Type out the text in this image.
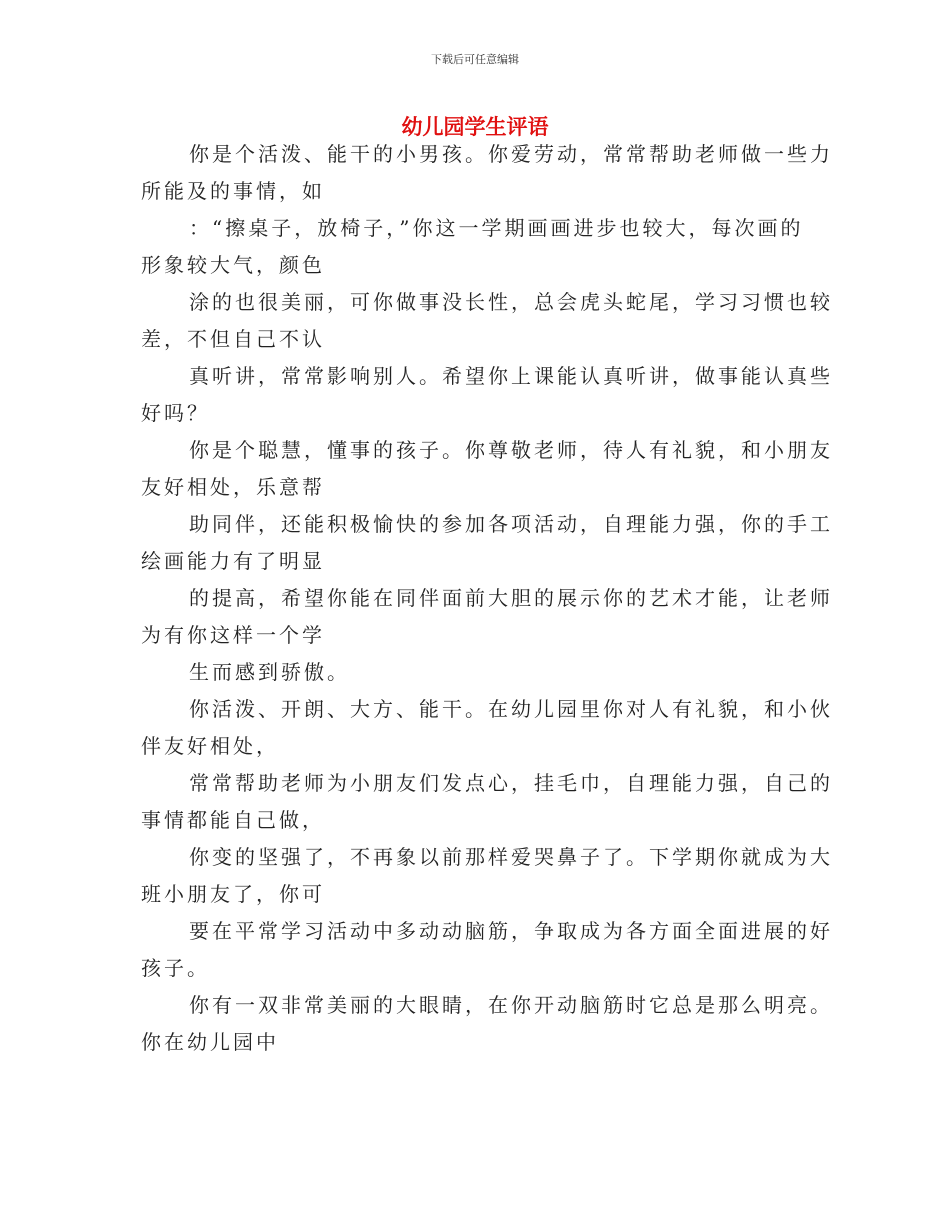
下载后可任意编辑
幼儿园学生评语
你是个活泼、能干的小男孩。你爱劳动，常常帮助老师做一些力
所能及的事情，如
：“擦桌子，放椅子，”你这一学期画画进步也较大，每次画的
形象较大气，颜色
涂的也很美丽，可你做事没长性，总会虎头蛇尾，学习习惯也较
差，不但自己不认
真听讲，常常影响别人。希望你上课能认真听讲，做事能认真些
好吗？
你是个聪慧，懂事的孩子。你尊敬老师，待人有礼貌，和小朋友
友好相处，乐意帮
助同伴，还能积极愉快的参加各项活动，自理能力强，你的手工
绘画能力有了明显
的提高，希望你能在同伴面前大胆的展示你的艺术才能，让老师
为有你这样一个学
生而感到骄傲。
你活泼、开朗、大方、能干。在幼儿园里你对人有礼貌，和小伙
伴友好相处，
常常帮助老师为小朋友们发点心，挂毛巾，自理能力强，自己的
事情都能自己做，
你变的坚强了，不再象以前那样爱哭鼻子了。下学期你就成为大
班小朋友了，你可
要在平常学习活动中多动动脑筋，争取成为各方面全面进展的好
孩子。
你有一双非常美丽的大眼睛，在你开动脑筋时它总是那么明亮。
你在幼儿园中
